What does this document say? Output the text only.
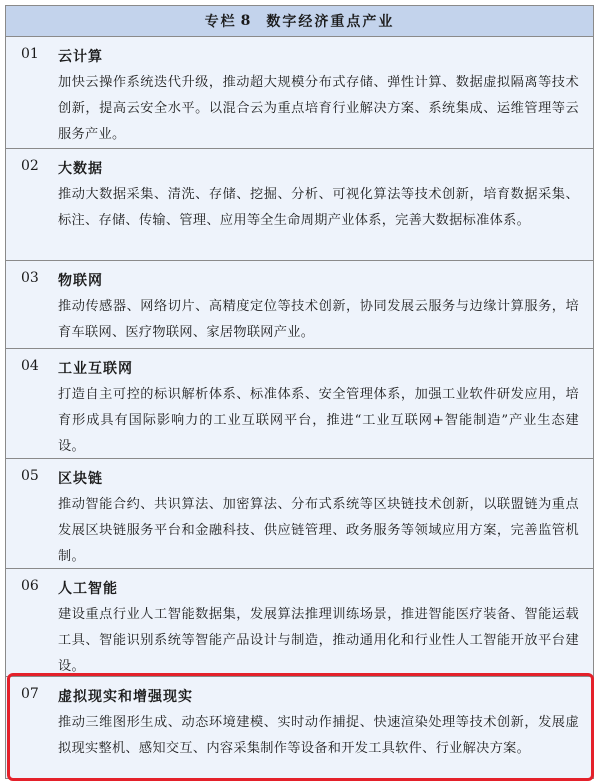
专栏 8 数字经济重点产业
01 云计算
加快云操作系统迭代升级，推动超大规模分布式存储、弹性计算、数据虚拟隔离等技术创新，提高云安全水平。以混合云为重点培育行业解决方案、系统集成、运维管理等云服务产业。
02 大数据
推动大数据采集、清洗、存储、挖掘、分析、可视化算法等技术创新，培育数据采集、标注、存储、传输、管理、应用等全生命周期产业体系，完善大数据标准体系。
03 物联网
推动传感器、网络切片、高精度定位等技术创新，协同发展云服务与边缘计算服务，培育车联网、医疗物联网、家居物联网产业。
04 工业互联网
打造自主可控的标识解析体系、标准体系、安全管理体系，加强工业软件研发应用，培育形成具有国际影响力的工业互联网平台，推进“工业互联网+智能制造”产业生态建设。
05 区块链
推动智能合约、共识算法、加密算法、分布式系统等区块链技术创新，以联盟链为重点发展区块链服务平台和金融科技、供应链管理、政务服务等领域应用方案，完善监管机制。
06 人工智能
建设重点行业人工智能数据集，发展算法推理训练场景，推进智能医疗装备、智能运载工具、智能识别系统等智能产品设计与制造，推动通用化和行业性人工智能开放平台建设。
07 虚拟现实和增强现实
推动三维图形生成、动态环境建模、实时动作捕捉、快速渲染处理等技术创新，发展虚拟现实整机、感知交互、内容采集制作等设备和开发工具软件、行业解决方案。
